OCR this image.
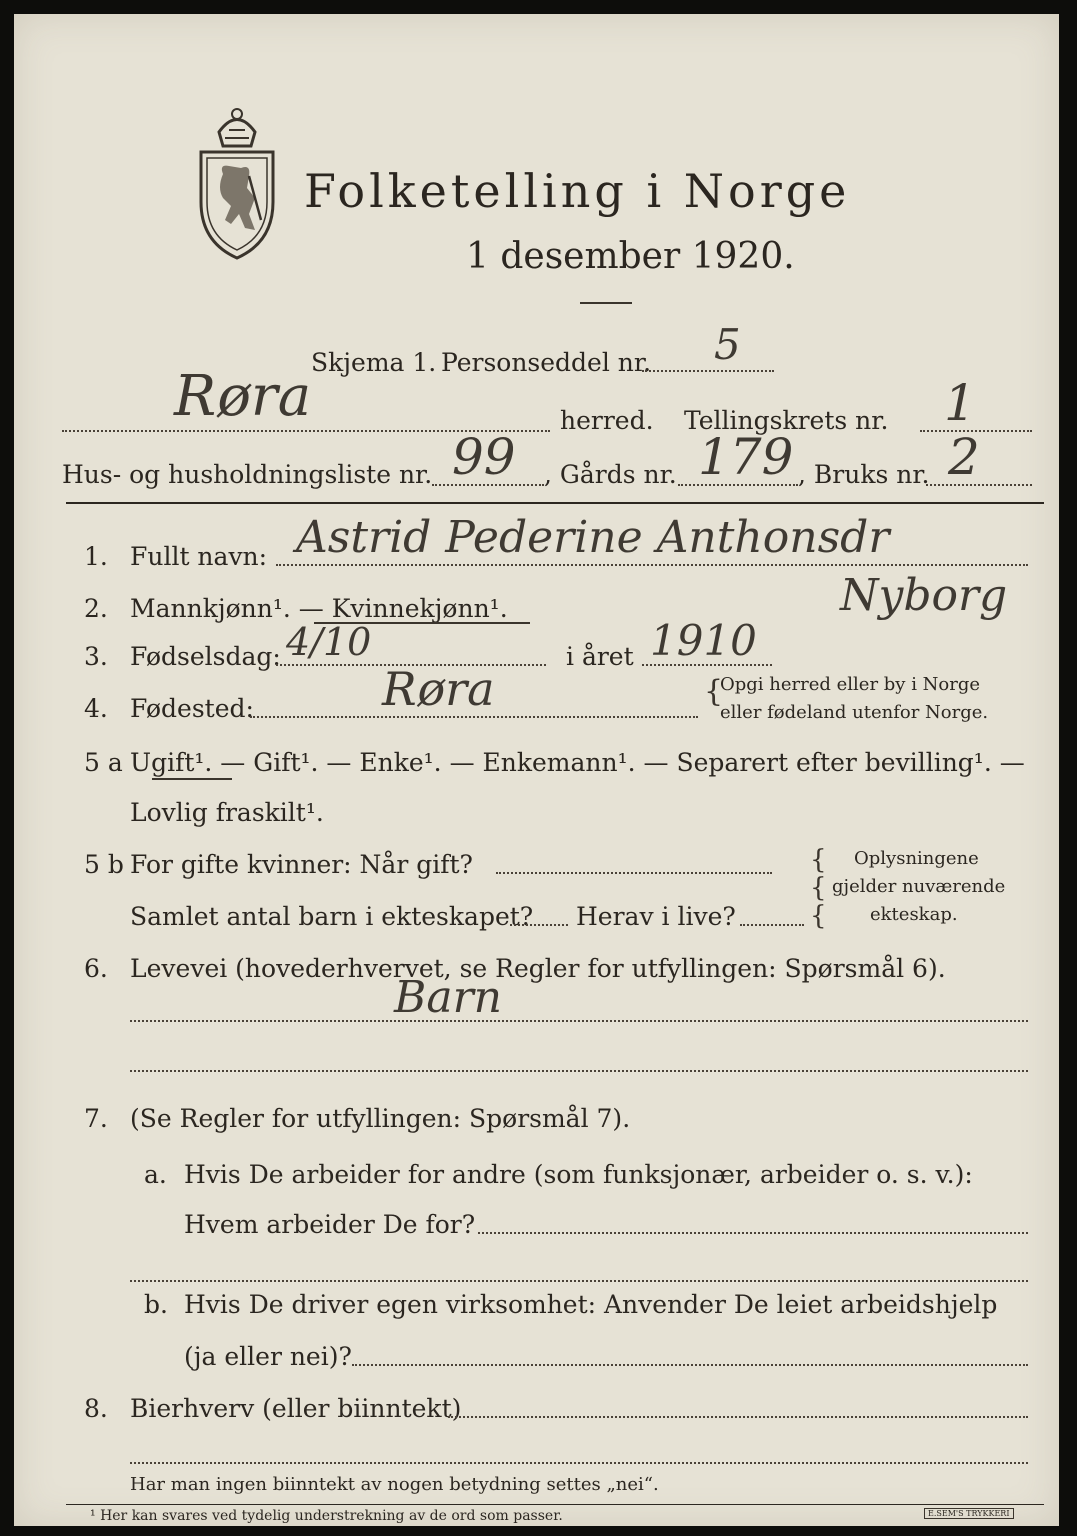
Folketelling i Norge
1 desember 1920.
Skjema 1. Personseddel nr. 5
Røra	herred. Tellingskrets nr. 1
Hus- og husholdningsliste nr. 99 , Gårds nr. 179 , Bruks nr. 2
1. Fullt navn: Astrid Pederine Anthonsdr
2. Mannkjønn¹. — Kvinnekjønn¹.	Nyborg
3. Fødselsdag: 4/10	i året 1910
4. Fødested:	Røra	{
Opgi herred eller by i Norge
eller fødeland utenfor Norge.
5 a Ugift¹. — Gift¹. — Enke¹. — Enkemann¹. — Separert efter bevilling¹. —
Lovlig fraskilt¹.
5 b For gifte kvinner: Når gift?
Samlet antal barn i ekteskapet? Herav i live?
{
{
{
Oplysningene
gjelder nuværende
ekteskap.
6. Levevei (hovederhvervet, se Regler for utfyllingen: Spørsmål 6).
Barn
7. (Se Regler for utfyllingen: Spørsmål 7).
a. Hvis De arbeider for andre (som funksjonær, arbeider o. s. v.):
Hvem arbeider De for?
b. Hvis De driver egen virksomhet: Anvender De leiet arbeidshjelp
(ja eller nei)?
8. Bierhverv (eller biinntekt)
Har man ingen biinntekt av nogen betydning settes „nei“.
¹ Her kan svares ved tydelig understrekning av de ord som passer.	E.SEM'S TRYKKERI
